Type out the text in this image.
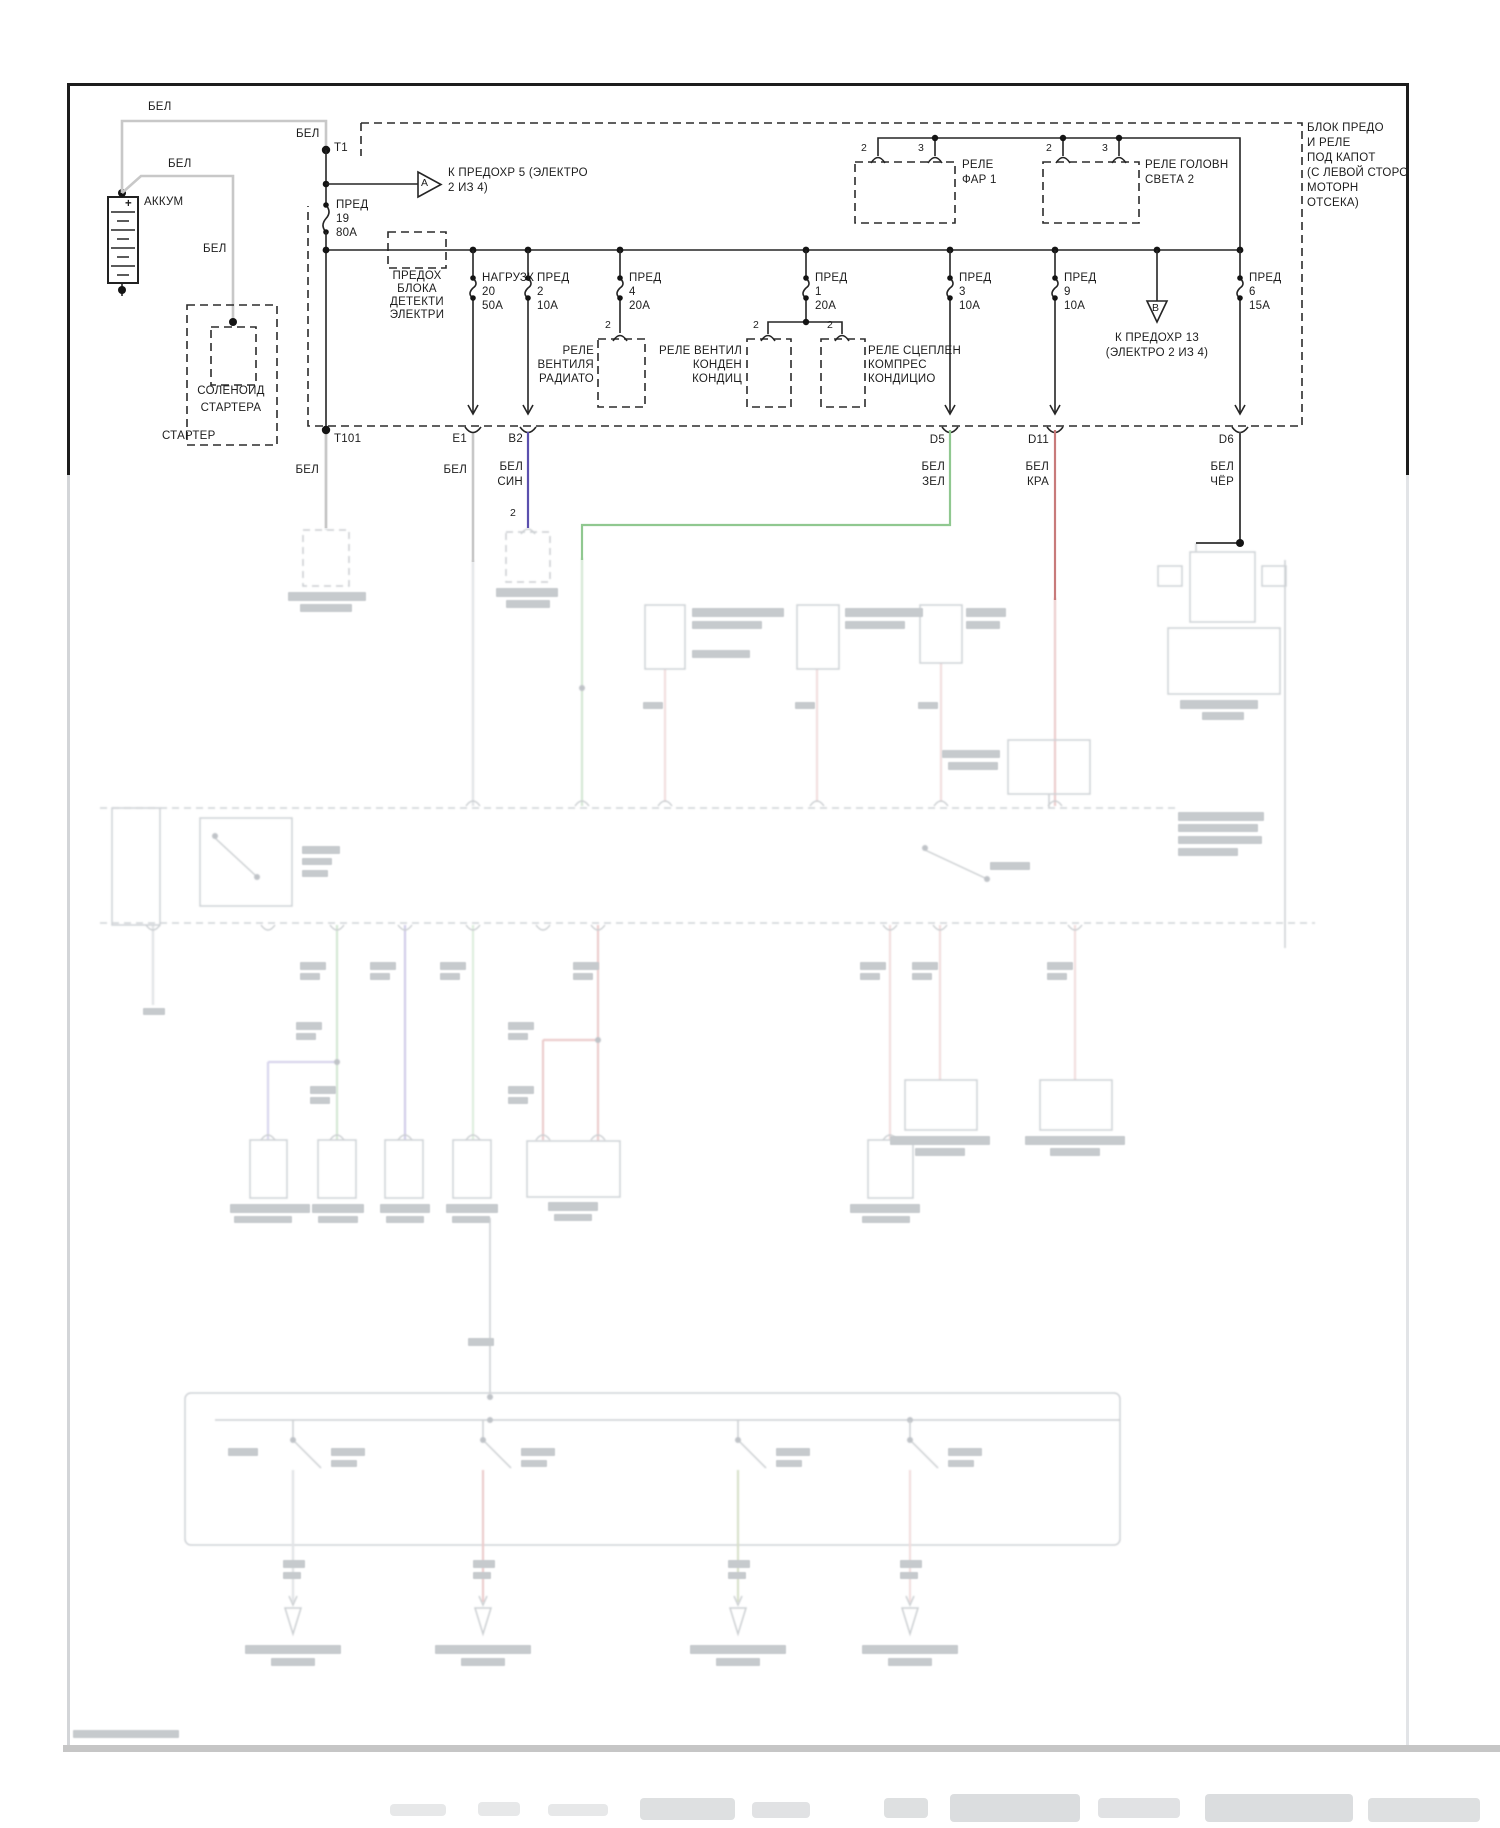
БЕЛ
БЕЛ
АККУМ
+
БЕЛ
БЕЛ
T1
А
К ПРЕДОХР 5 (ЭЛЕКТРО
2 ИЗ 4)
ПРЕД
19
80А
ПРЕДОХ
БЛОКА
ДЕТЕКТИ
ЭЛЕКТРИ
НАГРУЗК
20
50А
ПРЕД
2
10А
ПРЕД
4
20А
ПРЕД
1
20А
ПРЕД
3
10А
ПРЕД
9
10А
ПРЕД
6
15А
РЕЛЕ
ВЕНТИЛЯ
РАДИАТО
РЕЛЕ ВЕНТИЛ
КОНДЕН
КОНДИЦ
РЕЛЕ СЦЕПЛЕН
КОМПРЕС
КОНДИЦИО
РЕЛЕ
ФАР 1
РЕЛЕ ГОЛОВН
СВЕТА 2
2	2	2
2	3	2	3
2
В
К ПРЕДОХР 13
(ЭЛЕКТРО 2 ИЗ 4)
БЛОК ПРЕДО
И РЕЛЕ
ПОД КАПОТ
(С ЛЕВОЙ СТОРО
МОТОРН
ОТСЕКА)
СОЛЕНОИД
СТАРТЕРА
СТАРТЕР	T101
БЕЛ
E1
БЕЛ
B2
БЕЛ
СИН
D5
БЕЛ
ЗЕЛ
D11
БЕЛ
КРА
D6
БЕЛ
ЧЁР
